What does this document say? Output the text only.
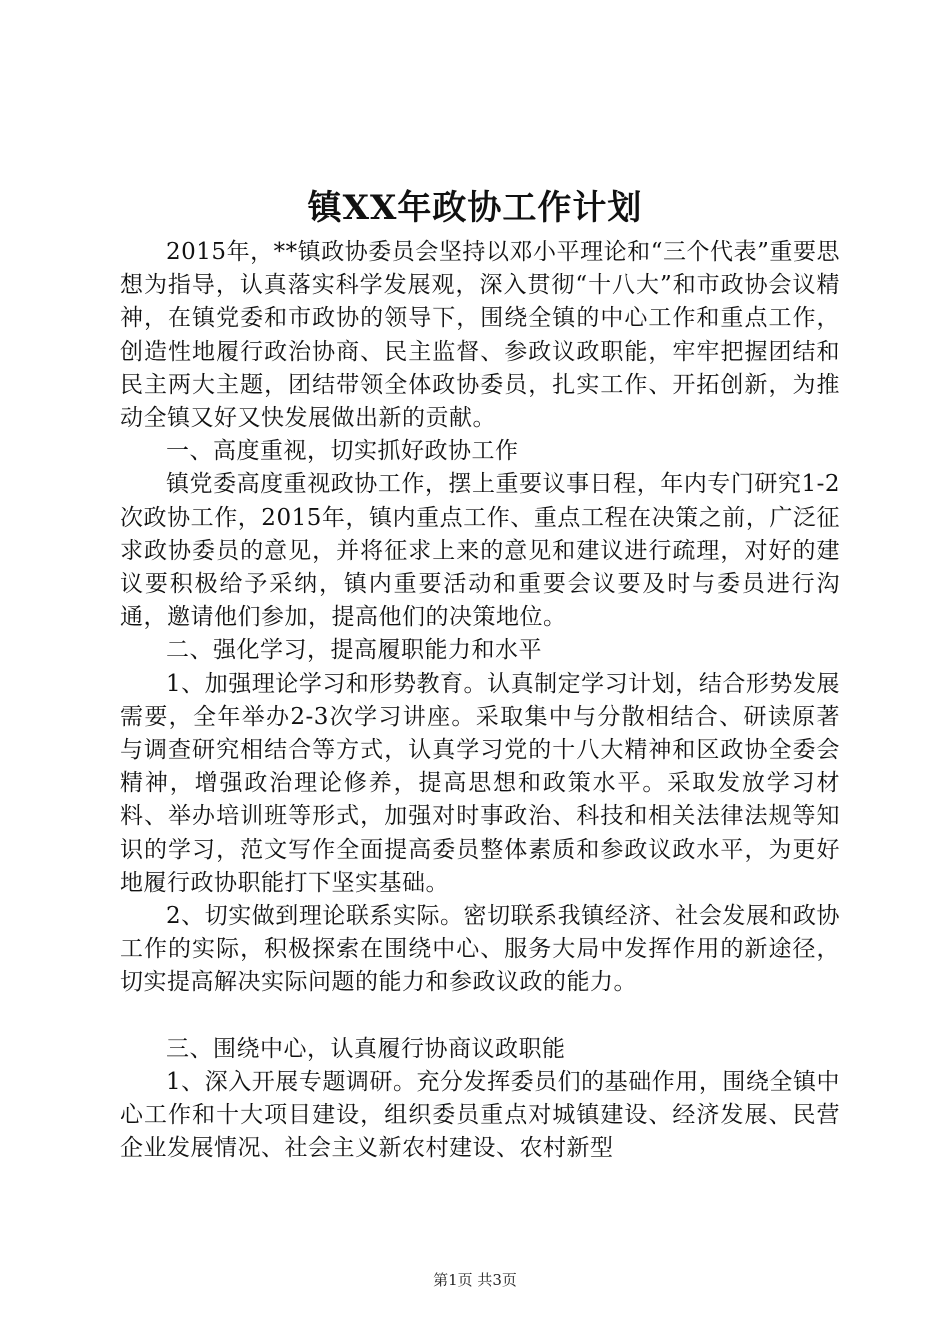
镇XX年政协工作计划

2015年，**镇政协委员会坚持以邓小平理论和“三个代表”重要思想为指导，认真落实科学发展观，深入贯彻“十八大”和市政协会议精神，在镇党委和市政协的领导下，围绕全镇的中心工作和重点工作，创造性地履行政治协商、民主监督、参政议政职能，牢牢把握团结和民主两大主题，团结带领全体政协委员，扎实工作、开拓创新，为推动全镇又好又快发展做出新的贡献。

一、高度重视，切实抓好政协工作

镇党委高度重视政协工作，摆上重要议事日程，年内专门研究1-2次政协工作，2015年，镇内重点工作、重点工程在决策之前，广泛征求政协委员的意见，并将征求上来的意见和建议进行疏理，对好的建议要积极给予采纳，镇内重要活动和重要会议要及时与委员进行沟通，邀请他们参加，提高他们的决策地位。

二、强化学习，提高履职能力和水平

1、加强理论学习和形势教育。认真制定学习计划，结合形势发展需要，全年举办2-3次学习讲座。采取集中与分散相结合、研读原著与调查研究相结合等方式，认真学习党的十八大精神和区政协全委会精神，增强政治理论修养，提高思想和政策水平。采取发放学习材料、举办培训班等形式，加强对时事政治、科技和相关法律法规等知识的学习，范文写作全面提高委员整体素质和参政议政水平，为更好地履行政协职能打下坚实基础。

2、切实做到理论联系实际。密切联系我镇经济、社会发展和政协工作的实际，积极探索在围绕中心、服务大局中发挥作用的新途径，切实提高解决实际问题的能力和参政议政的能力。

三、围绕中心，认真履行协商议政职能

1、深入开展专题调研。充分发挥委员们的基础作用，围绕全镇中心工作和十大项目建设，组织委员重点对城镇建设、经济发展、民营企业发展情况、社会主义新农村建设、农村新型

第1页 共3页
